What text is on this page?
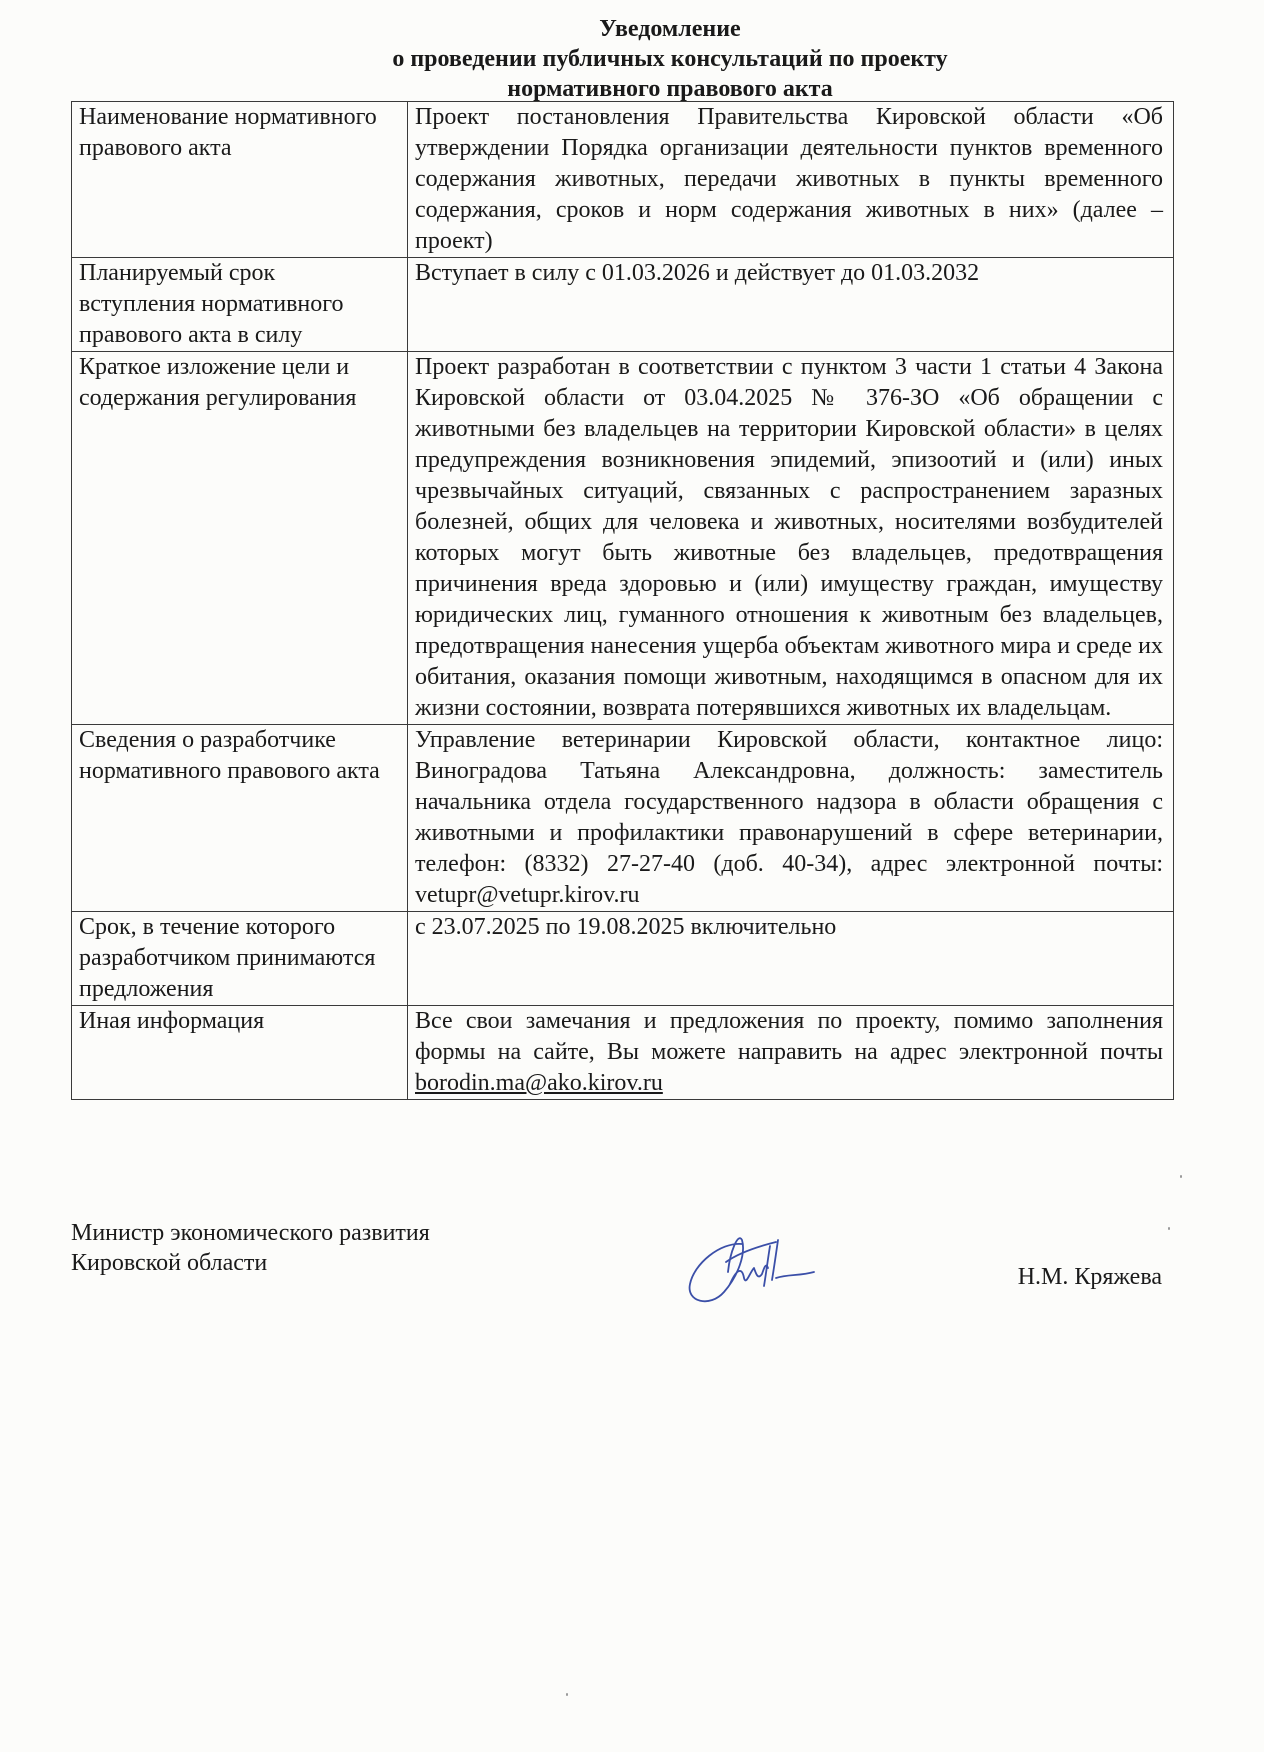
Уведомление
о проведении публичных консультаций по проекту
нормативного правового акта
Наименование нормативного правового акта	Проект постановления Правительства Кировской области «Об утверждении Порядка организации деятельности пунктов временного содержания животных, передачи животных в пункты временного содержания, сроков и норм содержания животных в них» (далее – проект)
Планируемый срок вступления нормативного правового акта в силу	Вступает в силу с 01.03.2026 и действует до 01.03.2032
Краткое изложение цели и содержания регулирования	Проект разработан в соответствии с пунктом 3 части 1 статьи 4 Закона Кировской области от 03.04.2025 № 376-ЗО «Об обращении с животными без владельцев на территории Кировской области» в целях предупреждения возникновения эпидемий, эпизоотий и (или) иных чрезвычайных ситуаций, связанных с распространением заразных болезней, общих для человека и животных, носителями возбудителей которых могут быть животные без владельцев, предотвращения причинения вреда здоровью и (или) имуществу граждан, имуществу юридических лиц, гуманного отношения к животным без владельцев, предотвращения нанесения ущерба объектам животного мира и среде их обитания, оказания помощи животным, находящимся в опасном для их жизни состоянии, возврата потерявшихся животных их владельцам.
Сведения о разработчике нормативного правового акта	Управление ветеринарии Кировской области, контактное лицо: Виноградова Татьяна Александровна, должность: заместитель начальника отдела государственного надзора в области обращения с животными и профилактики правонарушений в сфере ветеринарии, телефон: (8332) 27-27-40 (доб. 40-34), адрес электронной почты: vetupr@vetupr.kirov.ru
Срок, в течение которого разработчиком принимаются предложения	с 23.07.2025 по 19.08.2025 включительно
Иная информация	Все свои замечания и предложения по проекту, помимо заполнения формы на сайте, Вы можете направить на адрес электронной почты borodin.ma@ako.kirov.ru
Министр экономического развития
Кировской области
Н.М. Кряжева
